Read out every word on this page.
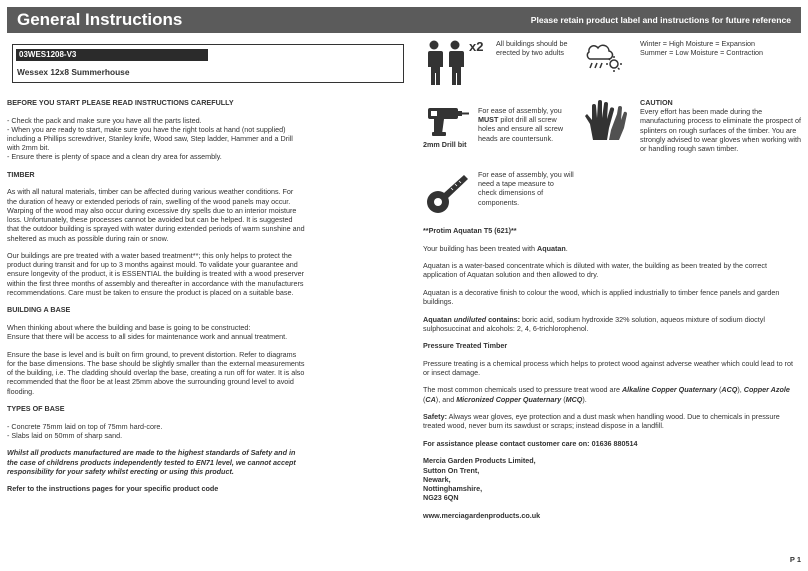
General Instructions	Please retain product label and instructions for future reference
03WES1208-V3
Wessex 12x8 Summerhouse

BEFORE YOU START PLEASE READ INSTRUCTIONS CAREFULLY

- Check the pack and make sure you have all the parts listed.
- When you are ready to start, make sure you have the right tools at hand (not supplied) including a Phillips screwdriver, Stanley knife, Wood saw, Step ladder, Hammer and a Drill with 2mm bit.
- Ensure there is plenty of space and a clean dry area for assembly.

TIMBER

As with all natural materials, timber can be affected during various weather conditions. For the duration of heavy or extended periods of rain, swelling of the wood panels may occur. Warping of the wood may also occur during excessive dry spells due to an interior moisture loss. Unfortunately, these processes cannot be avoided but can be helped. It is suggested that the outdoor building is sprayed with water during extended periods of warm sunshine and sheltered as much as possible during rain or snow.

Our buildings are pre treated with a water based treatment**; this only helps to protect the product during transit and for up to 3 months against mould. To validate your guarantee and ensure longevity of the product, it is ESSENTIAL the building is treated with a wood preserver within the first three months of assembly and thereafter in accordance with the manufacturers recommendations. Care must be taken to ensure the product is placed on a suitable base.

BUILDING A BASE

When thinking about where the building and base is going to be constructed:
Ensure that there will be access to all sides for maintenance work and annual treatment.

Ensure the base is level and is built on firm ground, to prevent distortion. Refer to diagrams for the base dimensions. The base should be slightly smaller than the external measurements of the building, i.e. The cladding should overlap the base, creating a run off for water. It is also recommended that the floor be at least 25mm above the surrounding ground level to avoid flooding.

TYPES OF BASE

- Concrete 75mm laid on top of 75mm hard-core.
- Slabs laid on 50mm of sharp sand.

Whilst all products manufactured are made to the highest standards of Safety and in the case of childrens products independently tested to EN71 level, we cannot accept responsibility for your safety whilst erecting or using this product.

Refer to the instructions pages for your specific product code

x2 All buildings should be erected by two adults
Winter = High Moisture = Expansion
Summer = Low Moisture = Contraction
2mm Drill bit
For ease of assembly, you MUST pilot drill all screw holes and ensure all screw heads are countersunk.
CAUTION
Every effort has been made during the manufacturing process to eliminate the prospect of splinters on rough surfaces of the timber. You are strongly advised to wear gloves when working with or handling rough sawn timber.
For ease of assembly, you will need a tape measure to check dimensions of components.

**Protim Aquatan T5 (621)**

Your building has been treated with Aquatan.

Aquatan is a water-based concentrate which is diluted with water, the building as been treated by the correct application of Aquatan solution and then allowed to dry.

Aquatan is a decorative finish to colour the wood, which is applied industrially to timber fence panels and garden buildings.

Aquatan undiluted contains: boric acid, sodium hydroxide 32% solution, aqueos mixture of sodium dioctyl sulphosuccinat and alcohols: 2, 4, 6-trichlorophenol.

Pressure Treated Timber

Pressure treating is a chemical process which helps to protect wood against adverse weather which could lead to rot or insect damage.

The most common chemicals used to pressure treat wood are Alkaline Copper Quaternary (ACQ), Copper Azole (CA), and Micronized Copper Quaternary (MCQ).

Safety: Always wear gloves, eye protection and a dust mask when handling wood. Due to chemicals in pressure treated wood, never burn its sawdust or scraps; instead dispose in a landfill.

For assistance please contact customer care on: 01636 880514

Mercia Garden Products Limited,
Sutton On Trent,
Newark,
Nottinghamshire,
NG23 6QN

www.merciagardenproducts.co.uk

P 1
